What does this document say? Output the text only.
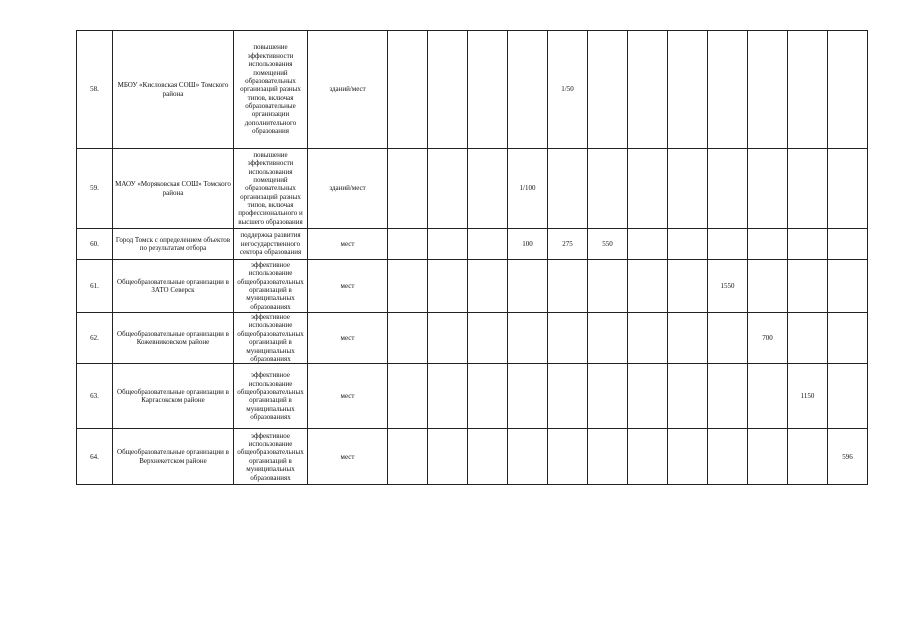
58.	МБОУ «Кисловская СОШ» Томского района	повышение эффективности использования помещений образовательных организаций разных типов, включая образовательные организации дополнительного образования	зданий/мест					1/50							
59.	МАОУ «Моряковская СОШ» Томского района	повышение эффективности использования помещений образовательных организаций разных типов, включая профессионального и высшего образования	зданий/мест				1/100								
60.	Город Томск с определением объектов по результатам отбора	поддержка развития негосударственного сектора образования	мест				100	275	550						
61.	Общеобразовательные организации в ЗАТО Северск	эффективное использование общеобразовательных организаций в муниципальных образованиях	мест									1550			
62.	Общеобразовательные организации в Кожевниковском районе	эффективное использование общеобразовательных организаций в муниципальных образованиях	мест										700		
63.	Общеобразовательные организации в Каргасокском районе	эффективное использование общеобразовательных организаций в муниципальных образованиях	мест											1150	
64.	Общеобразовательные организации в Верхнекетском районе	эффективное использование общеобразовательных организаций в муниципальных образованиях	мест												596
